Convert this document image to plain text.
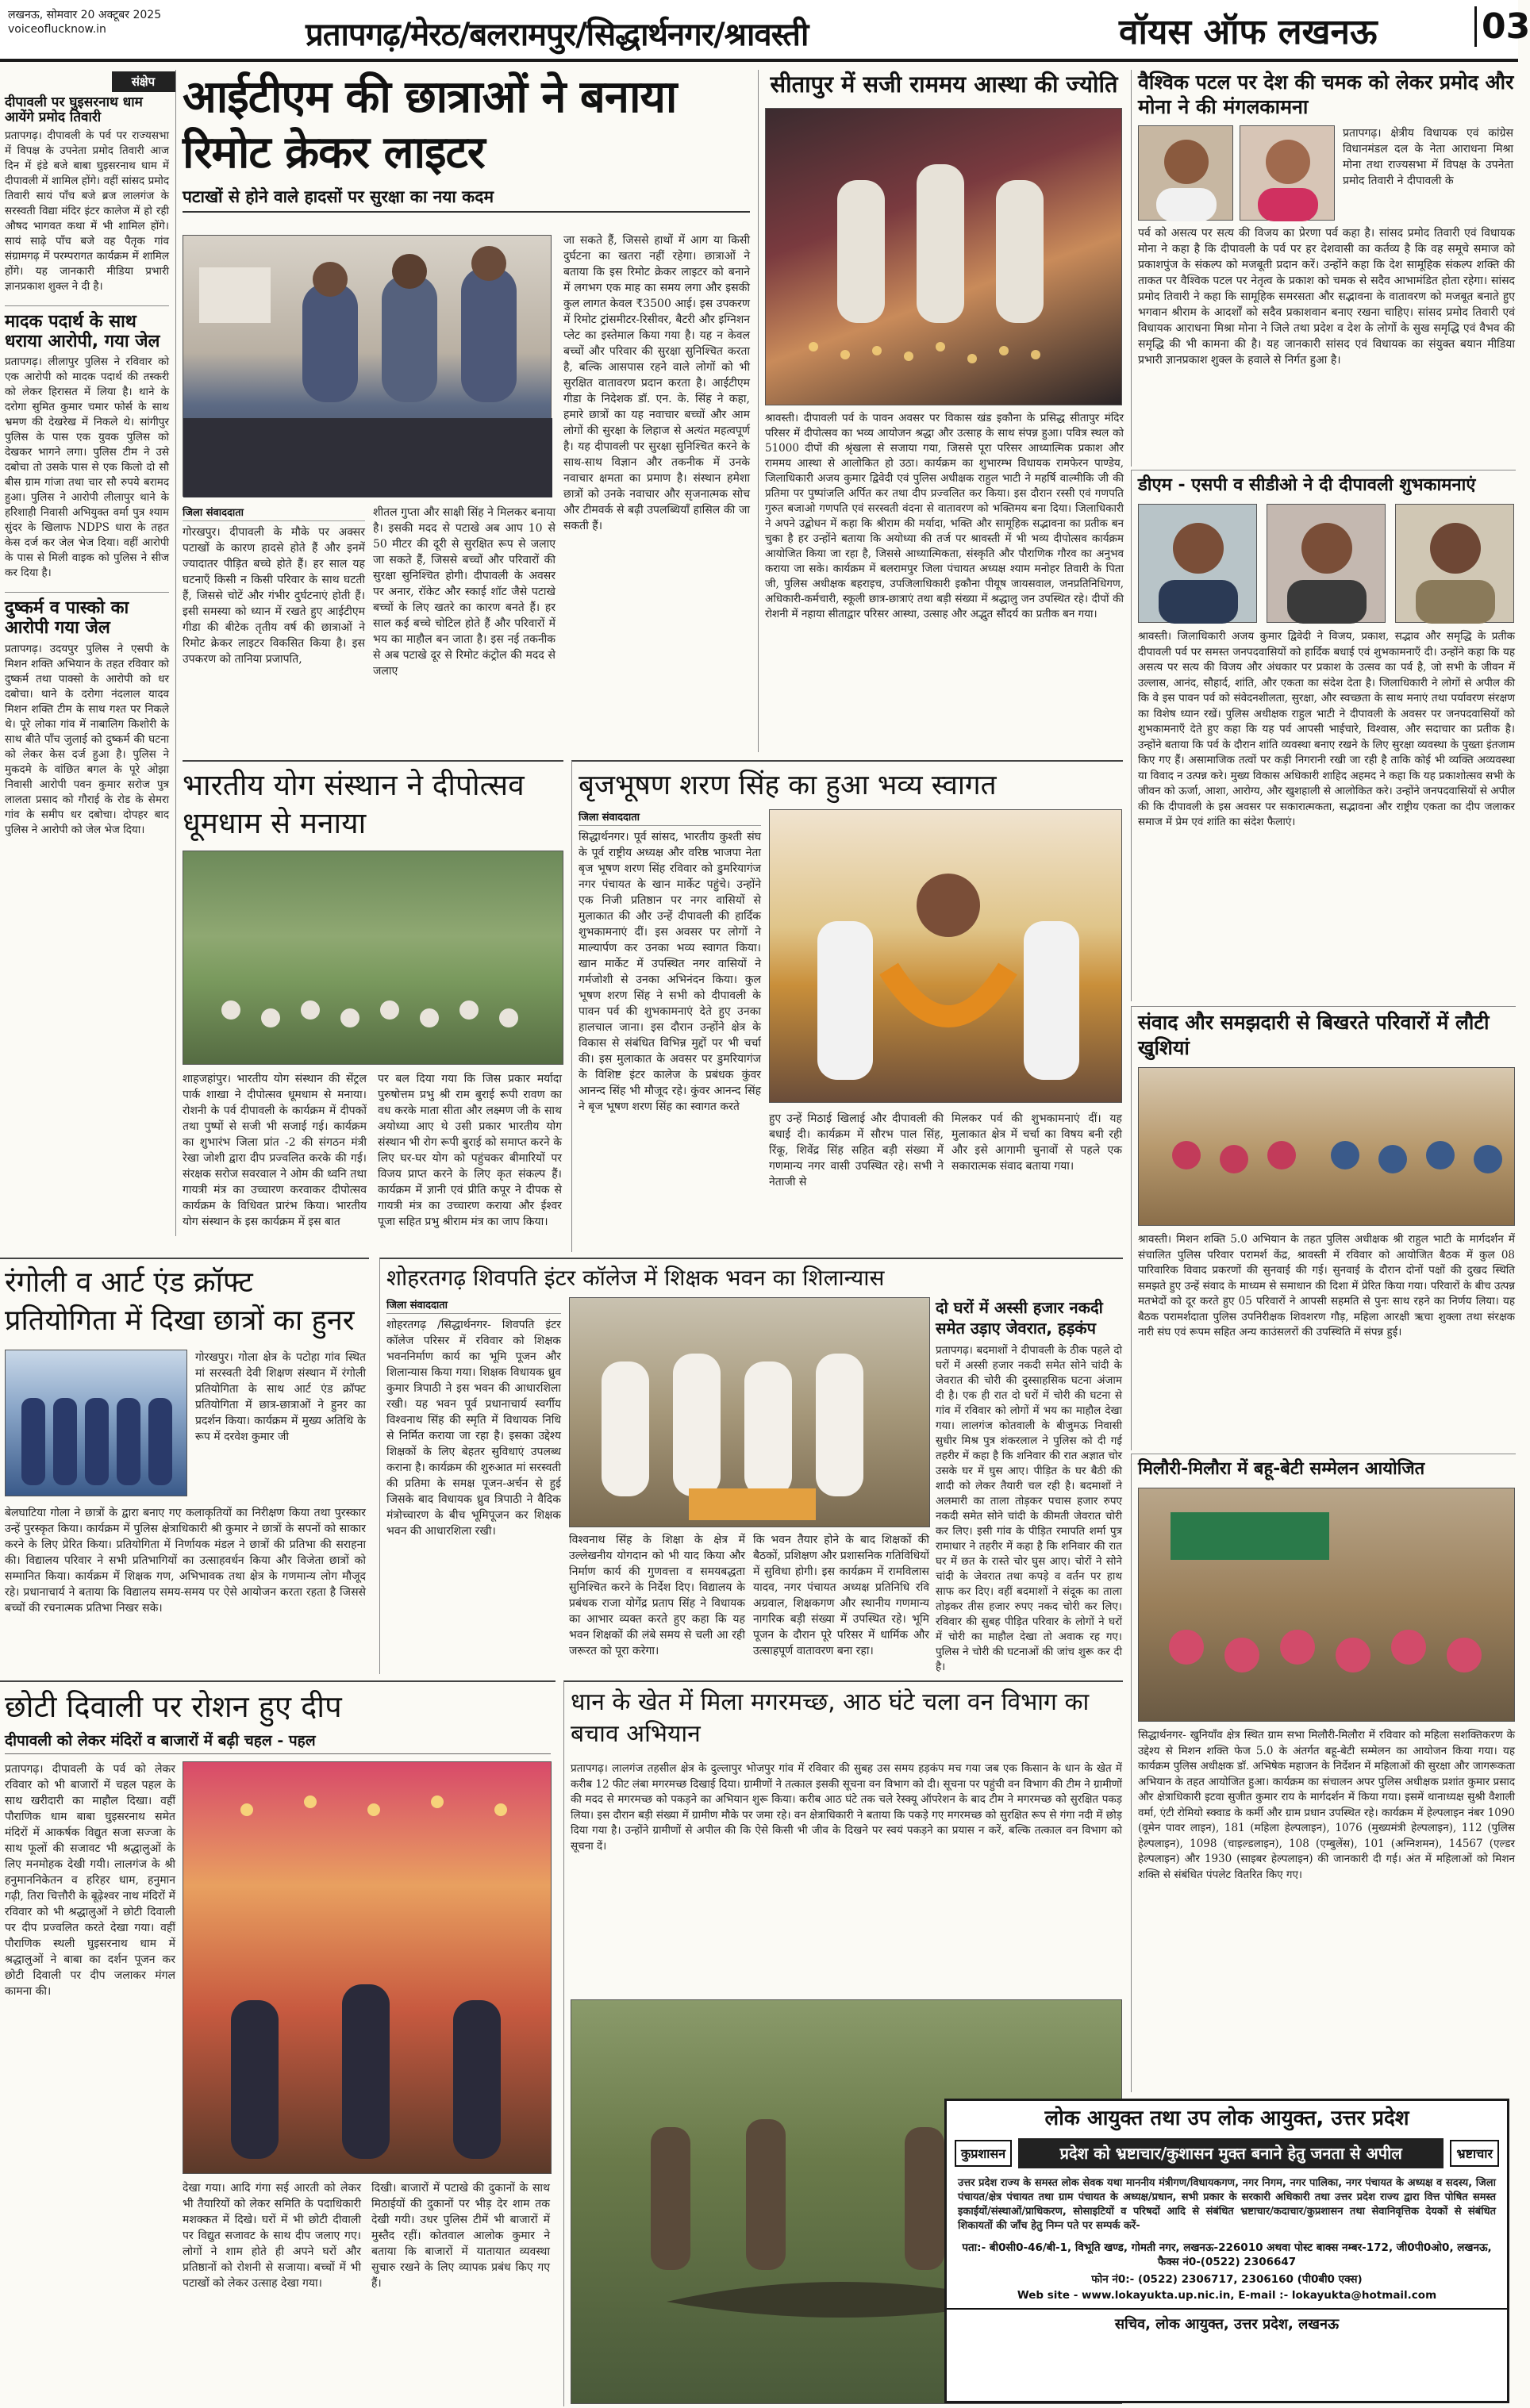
लखनऊ, सोमवार 20 अक्टूबर 2025
voiceoflucknow.in	प्रतापगढ़/मेरठ/बलरामपुर/सिद्धार्थनगर/श्रावस्ती	वॉयस ऑफ लखनऊ	03
संक्षेप
दीपावली पर घुइसरनाथ धाम आयेंगे प्रमोद तिवारी
प्रतापगढ़। दीपावली के पर्व पर राज्यसभा में विपक्ष के उपनेता प्रमोद तिवारी आज दिन में इंडे बजे बाबा घुइसरनाथ धाम में दीपावली में शामिल होंगे। वहीं सांसद प्रमोद तिवारी सायं पाँच बजे ब्रज लालगंज के सरस्वती विद्या मंदिर इंटर कालेज में हो रही औषद भागवत कथा में भी शामिल होंगे। सायं साढ़े पाँच बजे वह पैतृक गांव संग्रामगढ़ में परम्परागत कार्यक्रम में शामिल होंगे। यह जानकारी मीडिया प्रभारी ज्ञानप्रकाश शुक्ल ने दी है।
मादक पदार्थ के साथ धराया आरोपी, गया जेल
प्रतापगढ़। लीलापुर पुलिस ने रविवार को एक आरोपी को मादक पदार्थ की तस्करी को लेकर हिरासत में लिया है। थाने के दरोगा सुमित कुमार चमार फोर्स के साथ भ्रमण की देखरेख में निकले थे। सांगीपुर पुलिस के पास एक युवक पुलिस को देखकर भागने लगा। पुलिस टीम ने उसे दबोचा तो उसके पास से एक किलो दो सौ बीस ग्राम गांजा तथा चार सौ रुपये बरामद हुआ। पुलिस ने आरोपी लीलापुर थाने के हरिशाही निवासी अभियुक्त वर्मा पुत्र श्याम सुंदर के खिलाफ NDPS धारा के तहत केस दर्ज कर जेल भेज दिया। वहीं आरोपी के पास से मिली वाइक को पुलिस ने सीज कर दिया है।
दुष्कर्म व पास्को का आरोपी गया जेल
प्रतापगढ़। उदयपुर पुलिस ने एसपी के मिशन शक्ति अभियान के तहत रविवार को दुष्कर्म तथा पाक्सो के आरोपी को धर दबोचा। थाने के दरोगा नंदलाल यादव मिशन शक्ति टीम के साथ गश्त पर निकले थे। पूरे लोका गांव में नाबालिग किशोरी के साथ बीते पाँच जुलाई को दुष्कर्म की घटना को लेकर केस दर्ज हुआ है। पुलिस ने मुकदमे के वांछित बगल के पूरे ओझा निवासी आरोपी पवन कुमार सरोज पुत्र लालता प्रसाद को गौराई के रोड के सेमरा गांव के समीप धर दबोचा। दोपहर बाद पुलिस ने आरोपी को जेल भेज दिया।
आईटीएम की छात्राओं ने बनाया रिमोट क्रेकर लाइटर
पटाखों से होने वाले हादसों पर सुरक्षा का नया कदम
जा सकते हैं, जिससे हाथों में आग या किसी दुर्घटना का खतरा नहीं रहेगा। छात्राओं ने बताया कि इस रिमोट क्रेकर लाइटर को बनाने में लगभग एक माह का समय लगा और इसकी कुल लागत केवल ₹3500 आई। इस उपकरण में रिमोट ट्रांसमीटर-रिसीवर, बैटरी और इग्निशन प्लेट का इस्तेमाल किया गया है। यह न केवल बच्चों और परिवार की सुरक्षा सुनिश्चित करता है, बल्कि आसपास रहने वाले लोगों को भी सुरक्षित वातावरण प्रदान करता है। आईटीएम गीडा के निदेशक डॉ. एन. के. सिंह ने कहा, हमारे छात्रों का यह नवाचार बच्चों और आम लोगों की सुरक्षा के लिहाज से अत्यंत महत्वपूर्ण है। यह दीपावली पर सुरक्षा सुनिश्चित करने के साथ-साथ विज्ञान और तकनीक में उनके नवाचार क्षमता का प्रमाण है। संस्थान हमेशा छात्रों को उनके नवाचार और सृजनात्मक सोच और टीमवर्क से बढ़ी उपलब्धियाँ हासिल की जा सकती हैं।
जिला संवाददाता
गोरखपुर। दीपावली के मौके पर अक्सर पटाखों के कारण हादसे होते हैं और इनमें ज्यादातर पीड़ित बच्चे होते हैं। हर साल यह घटनाएँ किसी न किसी परिवार के साथ घटती हैं, जिससे चोटें और गंभीर दुर्घटनाएं होती हैं। इसी समस्या को ध्यान में रखते हुए आईटीएम गीडा की बीटेक तृतीय वर्ष की छात्राओं ने रिमोट क्रेकर लाइटर विकसित किया है। इस उपकरण को तानिया प्रजापति,
शीतल गुप्ता और साक्षी सिंह ने मिलकर बनाया है। इसकी मदद से पटाखे अब आप 10 से 50 मीटर की दूरी से सुरक्षित रूप से जलाए जा सकते हैं, जिससे बच्चों और परिवारों की सुरक्षा सुनिश्चित होगी। दीपावली के अवसर पर अनार, रॉकेट और स्काई शॉट जैसे पटाखे बच्चों के लिए खतरे का कारण बनते हैं। हर साल कई बच्चे चोटिल होते हैं और परिवारों में भय का माहौल बन जाता है। इस नई तकनीक से अब पटाखे दूर से रिमोट कंट्रोल की मदद से जलाए
सीतापुर में सजी राममय आस्था की ज्योति
श्रावस्ती। दीपावली पर्व के पावन अवसर पर विकास खंड इकौना के प्रसिद्ध सीतापुर मंदिर परिसर में दीपोत्सव का भव्य आयोजन श्रद्धा और उत्साह के साथ संपन्न हुआ। पवित्र स्थल को 51000 दीपों की श्रृंखला से सजाया गया, जिससे पूरा परिसर आध्यात्मिक प्रकाश और राममय आस्था से आलोकित हो उठा। कार्यक्रम का शुभारम्भ विधायक रामफेरन पाण्डेय, जिलाधिकारी अजय कुमार द्विवेदी एवं पुलिस अधीक्षक राहुल भाटी ने महर्षि वाल्मीकि जी की प्रतिमा पर पुष्पांजलि अर्पित कर तथा दीप प्रज्वलित कर किया। इस दौरान रस्सी एवं गणपति गुरुत बजाओ गणपति एवं सरस्वती वंदना से वातावरण को भक्तिमय बना दिया। जिलाधिकारी ने अपने उद्बोधन में कहा कि श्रीराम की मर्यादा, भक्ति और सामूहिक सद्भावना का प्रतीक बन चुका है हर उन्होंने बताया कि अयोध्या की तर्ज पर श्रावस्ती में भी भव्य दीपोत्सव कार्यक्रम आयोजित किया जा रहा है, जिससे आध्यात्मिकता, संस्कृति और पौराणिक गौरव का अनुभव कराया जा सके। कार्यक्रम में बलरामपुर जिला पंचायत अध्यक्ष श्याम मनोहर तिवारी के पिता जी, पुलिस अधीक्षक बहराइच, उपजिलाधिकारी इकौना पीयूष जायसवाल, जनप्रतिनिधिगण, अधिकारी-कर्मचारी, स्कूली छात्र-छात्राएं तथा बड़ी संख्या में श्रद्धालु जन उपस्थित रहे। दीपों की रोशनी में नहाया सीताद्वार परिसर आस्था, उत्साह और अद्भुत सौंदर्य का प्रतीक बन गया।
वैश्विक पटल पर देश की चमक को लेकर प्रमोद और मोना ने की मंगलकामना
प्रतापगढ़। क्षेत्रीय विधायक एवं कांग्रेस विधानमंडल दल के नेता आराधना मिश्रा मोना तथा राज्यसभा में विपक्ष के उपनेता प्रमोद तिवारी ने दीपावली के
पर्व को असत्य पर सत्य की विजय का प्रेरणा पर्व कहा है। सांसद प्रमोद तिवारी एवं विधायक मोना ने कहा है कि दीपावली के पर्व पर हर देशवासी का कर्तव्य है कि वह समूचे समाज को प्रकाशपुंज के संकल्प को मजबूती प्रदान करें। उन्होंने कहा कि देश सामूहिक संकल्प शक्ति की ताकत पर वैश्विक पटल पर नेतृत्व के प्रकाश को चमक से सदैव आभामंडित होता रहेगा। सांसद प्रमोद तिवारी ने कहा कि सामूहिक समरसता और सद्भावना के वातावरण को मजबूत बनाते हुए भगवान श्रीराम के आदर्शों को सदैव प्रकाशवान बनाए रखना चाहिए। सांसद प्रमोद तिवारी एवं विधायक आराधना मिश्रा मोना ने जिले तथा प्रदेश व देश के लोगों के सुख समृद्धि एवं वैभव की समृद्धि की भी कामना की है। यह जानकारी सांसद एवं विधायक का संयुक्त बयान मीडिया प्रभारी ज्ञानप्रकाश शुक्ल के हवाले से निर्गत हुआ है।
डीएम - एसपी व सीडीओ ने दी दीपावली शुभकामनाएं
श्रावस्ती। जिलाधिकारी अजय कुमार द्विवेदी ने विजय, प्रकाश, सद्भाव और समृद्धि के प्रतीक दीपावली पर्व पर समस्त जनपदवासियों को हार्दिक बधाई एवं शुभकामनाएँ दी। उन्होंने कहा कि यह असत्य पर सत्य की विजय और अंधकार पर प्रकाश के उत्सव का पर्व है, जो सभी के जीवन में उल्लास, आनंद, सौहार्द, शांति, और एकता का संदेश देता है। जिलाधिकारी ने लोगों से अपील की कि वे इस पावन पर्व को संवेदनशीलता, सुरक्षा, और स्वच्छता के साथ मनाएं तथा पर्यावरण संरक्षण का विशेष ध्यान रखें। पुलिस अधीक्षक राहुल भाटी ने दीपावली के अवसर पर जनपदवासियों को शुभकामनाएँ देते हुए कहा कि यह पर्व आपसी भाईचारे, विश्वास, और सदाचार का प्रतीक है। उन्होंने बताया कि पर्व के दौरान शांति व्यवस्था बनाए रखने के लिए सुरक्षा व्यवस्था के पुख्ता इंतजाम किए गए हैं। असामाजिक तत्वों पर कड़ी निगरानी रखी जा रही है ताकि कोई भी व्यक्ति अव्यवस्था या विवाद न उत्पन्न करे। मुख्य विकास अधिकारी शाहिद अहमद ने कहा कि यह प्रकाशोत्सव सभी के जीवन को ऊर्जा, आशा, आरोग्य, और खुशहाली से आलोकित करे। उन्होंने जनपदवासियों से अपील की कि दीपावली के इस अवसर पर सकारात्मकता, सद्भावना और राष्ट्रीय एकता का दीप जलाकर समाज में प्रेम एवं शांति का संदेश फैलाएं।
भारतीय योग संस्थान ने दीपोत्सव धूमधाम से मनाया
शाहजहांपुर। भारतीय योग संस्थान की सेंट्रल पार्क शाखा ने दीपोत्सव धूमधाम से मनाया। रोशनी के पर्व दीपावली के कार्यक्रम में दीपकों तथा पुष्पों से सजी भी सजाई गई। कार्यक्रम का शुभारंभ जिला प्रांत -2 की संगठन मंत्री रेखा जोशी द्वारा दीप प्रज्वलित करके की गई। संरक्षक सरोज सवरवाल ने ओम की ध्वनि तथा गायत्री मंत्र का उच्चारण करवाकर दीपोत्सव कार्यक्रम के विधिवत प्रारंभ किया। भारतीय योग संस्थान के इस कार्यक्रम में इस बात
पर बल दिया गया कि जिस प्रकार मर्यादा पुरुषोत्तम प्रभु श्री राम बुराई रूपी रावण का वध करके माता सीता और लक्ष्मण जी के साथ अयोध्या आए थे उसी प्रकार भारतीय योग संस्थान भी रोग रूपी बुराई को समाप्त करने के लिए घर-घर योग को पहुंचकर बीमारियों पर विजय प्राप्त करने के लिए कृत संकल्प हैं। कार्यक्रम में ज्ञानी एवं प्रीति कपूर ने दीपक से गायत्री मंत्र का उच्चारण कराया और ईश्वर पूजा सहित प्रभु श्रीराम मंत्र का जाप किया।
बृजभूषण शरण सिंह का हुआ भव्य स्वागत
जिला संवाददाता
सिद्धार्थनगर। पूर्व सांसद, भारतीय कुश्ती संघ के पूर्व राष्ट्रीय अध्यक्ष और वरिष्ठ भाजपा नेता बृज भूषण शरण सिंह रविवार को डुमरियागंज नगर पंचायत के खान मार्केट पहुंचे। उन्होंने एक निजी प्रतिष्ठान पर नगर वासियों से मुलाकात की और उन्हें दीपावली की हार्दिक शुभकामनाएं दीं। इस अवसर पर लोगों ने माल्यार्पण कर उनका भव्य स्वागत किया। खान मार्केट में उपस्थित नगर वासियों ने गर्मजोशी से उनका अभिनंदन किया। कुल भूषण शरण सिंह ने सभी को दीपावली के पावन पर्व की शुभकामनाएं देते हुए उनका हालचाल जाना। इस दौरान उन्होंने क्षेत्र के विकास से संबंधित विभिन्न मुद्दों पर भी चर्चा की। इस मुलाकात के अवसर पर डुमरियागंज के विशिष्ट इंटर कालेज के प्रबंधक कुंवर आनन्द सिंह भी मौजूद रहे। कुंवर आनन्द सिंह ने बृज भूषण शरण सिंह का स्वागत करते
हुए उन्हें मिठाई खिलाई और दीपावली की बधाई दी। कार्यक्रम में सौरभ पाल सिंह, रिंकू, शिवेंद्र सिंह सहित बड़ी संख्या में गणमान्य नगर वासी उपस्थित रहे। सभी ने नेताजी से
मिलकर पर्व की शुभकामनाएं दीं। यह मुलाकात क्षेत्र में चर्चा का विषय बनी रही और इसे आगामी चुनावों से पहले एक सकारात्मक संवाद बताया गया।
संवाद और समझदारी से बिखरते परिवारों में लौटी खुशियां
श्रावस्ती। मिशन शक्ति 5.0 अभियान के तहत पुलिस अधीक्षक श्री राहुल भाटी के मार्गदर्शन में संचालित पुलिस परिवार परामर्श केंद्र, श्रावस्ती में रविवार को आयोजित बैठक में कुल 08 पारिवारिक विवाद प्रकरणों की सुनवाई की गई। सुनवाई के दौरान दोनों पक्षों की दुखद स्थिति समझते हुए उन्हें संवाद के माध्यम से समाधान की दिशा में प्रेरित किया गया। परिवारों के बीच उत्पन्न मतभेदों को दूर करते हुए 05 परिवारों ने आपसी सहमति से पुनः साथ रहने का निर्णय लिया। यह बैठक परामर्शदाता पुलिस उपनिरीक्षक शिवशरण गौड़, महिला आरक्षी ऋचा शुक्ला तथा संरक्षक नारी संघ एवं रूपम सहित अन्य काउंसलरों की उपस्थिति में संपन्न हुई।
मिलौरी-मिलौरा में बहू-बेटी सम्मेलन आयोजित
सिद्धार्थनगर- खुनियाँव क्षेत्र स्थित ग्राम सभा मिलौरी-मिलौरा में रविवार को महिला सशक्तिकरण के उद्देश्य से मिशन शक्ति फेज 5.0 के अंतर्गत बहू-बेटी सम्मेलन का आयोजन किया गया। यह कार्यक्रम पुलिस अधीक्षक डॉ. अभिषेक महाजन के निर्देशन में महिलाओं की सुरक्षा और जागरूकता अभियान के तहत आयोजित हुआ। कार्यक्रम का संचालन अपर पुलिस अधीक्षक प्रशांत कुमार प्रसाद और क्षेत्राधिकारी इटवा सुजीत कुमार राय के मार्गदर्शन में किया गया। इसमें थानाध्यक्ष सुश्री वैशाली वर्मा, एंटी रोमियो स्क्वाड के कर्मी और ग्राम प्रधान उपस्थित रहे। कार्यक्रम में हेल्पलाइन नंबर 1090 (वूमेन पावर लाइन), 181 (महिला हेल्पलाइन), 1076 (मुख्यमंत्री हेल्पलाइन), 112 (पुलिस हेल्पलाइन), 1098 (चाइल्डलाइन), 108 (एम्बुलेंस), 101 (अग्निशमन), 14567 (एल्डर हेल्पलाइन) और 1930 (साइबर हेल्पलाइन) की जानकारी दी गई। अंत में महिलाओं को मिशन शक्ति से संबंधित पंपलेट वितरित किए गए।
रंगोली व आर्ट एंड क्रॉफ्ट प्रतियोगिता में दिखा छात्रों का हुनर
गोरखपुर। गोला क्षेत्र के पटोहा गांव स्थित मां सरस्वती देवी शिक्षण संस्थान में रंगोली प्रतियोगिता के साथ आर्ट एंड क्रॉफ्ट प्रतियोगिता में छात्र-छात्राओं ने हुनर का प्रदर्शन किया। कार्यक्रम में मुख्य अतिथि के रूप में दरवेश कुमार जी
बेलघाटिया गोला ने छात्रों के द्वारा बनाए गए कलाकृतियों का निरीक्षण किया तथा पुरस्कार उन्हें पुरस्कृत किया। कार्यक्रम में पुलिस क्षेत्राधिकारी श्री कुमार ने छात्रों के सपनों को साकार करने के लिए प्रेरित किया। प्रतियोगिता में निर्णायक मंडल ने छात्रों की प्रतिभा की सराहना की। विद्यालय परिवार ने सभी प्रतिभागियों का उत्साहवर्धन किया और विजेता छात्रों को सम्मानित किया। कार्यक्रम में शिक्षक गण, अभिभावक तथा क्षेत्र के गणमान्य लोग मौजूद रहे। प्रधानाचार्य ने बताया कि विद्यालय समय-समय पर ऐसे आयोजन करता रहता है जिससे बच्चों की रचनात्मक प्रतिभा निखर सके।
शोहरतगढ़ शिवपति इंटर कॉलेज में शिक्षक भवन का शिलान्यास
जिला संवाददाता
शोहरतगढ़ /सिद्धार्थनगर- शिवपति इंटर कॉलेज परिसर में रविवार को शिक्षक भवननिर्माण कार्य का भूमि पूजन और शिलान्यास किया गया। शिक्षक विधायक ध्रुव कुमार त्रिपाठी ने इस भवन की आधारशिला रखी। यह भवन पूर्व प्रधानाचार्य स्वर्गीय विश्वनाथ सिंह की स्मृति में विधायक निधि से निर्मित कराया जा रहा है। इसका उद्देश्य शिक्षकों के लिए बेहतर सुविधाएं उपलब्ध कराना है। कार्यक्रम की शुरुआत मां सरस्वती की प्रतिमा के समक्ष पूजन-अर्चन से हुई जिसके बाद विधायक ध्रुव त्रिपाठी ने वैदिक मंत्रोच्चारण के बीच भूमिपूजन कर शिक्षक भवन की आधारशिला रखी।
दो घरों में अस्सी हजार नकदी समेत उड़ाए जेवरात, हड़कंप
प्रतापगढ़। बदमाशों ने दीपावली के ठीक पहले दो घरों में अस्सी हजार नकदी समेत सोने चांदी के जेवरात की चोरी की दुस्साहसिक घटना अंजाम दी है। एक ही रात दो घरों में चोरी की घटना से गांव में रविवार को लोगों में भय का माहौल देखा गया। लालगंज कोतवाली के बीजुमऊ निवासी सुधीर मिश्र पुत्र शंकरलाल ने पुलिस को दी गई तहरीर में कहा है कि शनिवार की रात अज्ञात चोर उसके घर में घुस आए। पीड़ित के घर बैठी की शादी को लेकर तैयारी चल रही है। बदमाशों ने अलमारी का ताला तोड़कर पचास हजार रुपए नकदी समेत सोने चांदी के कीमती जेवरात चोरी कर लिए। इसी गांव के पीड़ित रमापति शर्मा पुत्र रामाधार ने तहरीर में कहा है कि शनिवार की रात घर में छत के रास्ते चोर घुस आए। चोरों ने सोने चांदी के जेवरात तथा कपड़े व वर्तन पर हाथ साफ कर दिए। वहीं बदमाशों ने संदूक का ताला तोड़कर तीस हजार रुपए नकद चोरी कर लिए। रविवार की सुबह पीड़ित परिवार के लोगों ने घरों में चोरी का माहौल देखा तो अवाक रह गए। पुलिस ने चोरी की घटनाओं की जांच शुरू कर दी है।
विश्वनाथ सिंह के शिक्षा के क्षेत्र में उल्लेखनीय योगदान को भी याद किया और निर्माण कार्य की गुणवत्ता व समयबद्धता सुनिश्चित करने के निर्देश दिए। विद्यालय के प्रबंधक राजा योगेंद्र प्रताप सिंह ने विधायक का आभार व्यक्त करते हुए कहा कि यह भवन शिक्षकों की लंबे समय से चली आ रही जरूरत को पूरा करेगा।
कि भवन तैयार होने के बाद शिक्षकों की बैठकों, प्रशिक्षण और प्रशासनिक गतिविधियों में सुविधा होगी। इस कार्यक्रम में रामविलास यादव, नगर पंचायत अध्यक्ष प्रतिनिधि रवि अग्रवाल, शिक्षकगण और स्थानीय गणमान्य नागरिक बड़ी संख्या में उपस्थित रहे। भूमि पूजन के दौरान पूरे परिसर में धार्मिक और उत्साहपूर्ण वातावरण बना रहा।
छोटी दिवाली पर रोशन हुए दीप
दीपावली को लेकर मंदिरों व बाजारों में बढ़ी चहल - पहल
प्रतापगढ़। दीपावली के पर्व को लेकर रविवार को भी बाजारों में चहल पहल के साथ खरीदारी का माहौल दिखा। वहीं पौराणिक धाम बाबा घुइसरनाथ समेत मंदिरों में आकर्षक विद्युत सजा सज्जा के साथ फूलों की सजावट भी श्रद्धालुओं के लिए मनमोहक देखी गयी। लालगंज के श्री हनुमाननिकेतन व हरिहर धाम, हनुमान गढ़ी, तिरा चित्तौरी के बूढ़ेश्वर नाथ मंदिरों में रविवार को भी श्रद्धालुओं ने छोटी दिवाली पर दीप प्रज्वलित करते देखा गया। वहीं पौराणिक स्थली घुइसरनाथ धाम में श्रद्धालुओं ने बाबा का दर्शन पूजन कर छोटी दिवाली पर दीप जलाकर मंगल कामना की।
देखा गया। आदि गंगा सई आरती को लेकर भी तैयारियों को लेकर समिति के पदाधिकारी मशक्कत में दिखे। घरों में भी छोटी दीवाली पर विद्युत सजावट के साथ दीप जलाए गए। लोगों ने शाम होते ही अपने घरों और प्रतिष्ठानों को रोशनी से सजाया। बच्चों में भी पटाखों को लेकर उत्साह देखा गया।
दिखी। बाजारों में पटाखे की दुकानों के साथ मिठाईयों की दुकानों पर भीड़ देर शाम तक देखी गयी। उधर पुलिस टीमें भी बाजारों में मुस्तैद रहीं। कोतवाल आलोक कुमार ने बताया कि बाजारों में यातायात व्यवस्था सुचारु रखने के लिए व्यापक प्रबंध किए गए हैं।
धान के खेत में मिला मगरमच्छ, आठ घंटे चला वन विभाग का बचाव अभियान
प्रतापगढ़। लालगंज तहसील क्षेत्र के दुल्लापुर भोजपुर गांव में रविवार की सुबह उस समय हड़कंप मच गया जब एक किसान के धान के खेत में करीब 12 फीट लंबा मगरमच्छ दिखाई दिया। ग्रामीणों ने तत्काल इसकी सूचना वन विभाग को दी। सूचना पर पहुंची वन विभाग की टीम ने ग्रामीणों की मदद से मगरमच्छ को पकड़ने का अभियान शुरू किया। करीब आठ घंटे तक चले रेस्क्यू ऑपरेशन के बाद टीम ने मगरमच्छ को सुरक्षित पकड़ लिया। इस दौरान बड़ी संख्या में ग्रामीण मौके पर जमा रहे। वन क्षेत्राधिकारी ने बताया कि पकड़े गए मगरमच्छ को सुरक्षित रूप से गंगा नदी में छोड़ दिया गया है। उन्होंने ग्रामीणों से अपील की कि ऐसे किसी भी जीव के दिखने पर स्वयं पकड़ने का प्रयास न करें, बल्कि तत्काल वन विभाग को सूचना दें।
लोक आयुक्त तथा उप लोक आयुक्त, उत्तर प्रदेश
कुप्रशासन	प्रदेश को भ्रष्टाचार/कुशासन मुक्त बनाने हेतु जनता से अपील	भ्रष्टाचार
उत्तर प्रदेश राज्य के समस्त लोक सेवक यथा माननीय मंत्रीगण/विधायकगण, नगर निगम, नगर पालिका, नगर पंचायत के अध्यक्ष व सदस्य, जिला पंचायत/क्षेत्र पंचायत तथा ग्राम पंचायत के अध्यक्ष/प्रधान, सभी प्रकार के सरकारी अधिकारी तथा उत्तर प्रदेश राज्य द्वारा वित्त पोषित समस्त इकाईयों/संस्थाओं/प्राधिकरण, सोसाइटियों व परिषदों आदि से संबंधित भ्रष्टाचार/कदाचार/कुप्रशासन तथा सेवानिवृत्तिक देयकों से संबंधित शिकायतों की जाँच हेतु निम्न पते पर सम्पर्क करें-
पता:- बी0सी0-46/बी-1, विभूति खण्ड, गोमती नगर, लखनऊ-226010 अथवा पोस्ट बाक्स नम्बर-172, जी0पी0ओ0, लखनऊ, फैक्स नं0-(0522) 2306647
फोन नं0:- (0522) 2306717, 2306160 (पी0बी0 एक्स)
Web site - www.lokayukta.up.nic.in, E-mail :- lokayukta@hotmail.com
सचिव, लोक आयुक्त, उत्तर प्रदेश, लखनऊ
